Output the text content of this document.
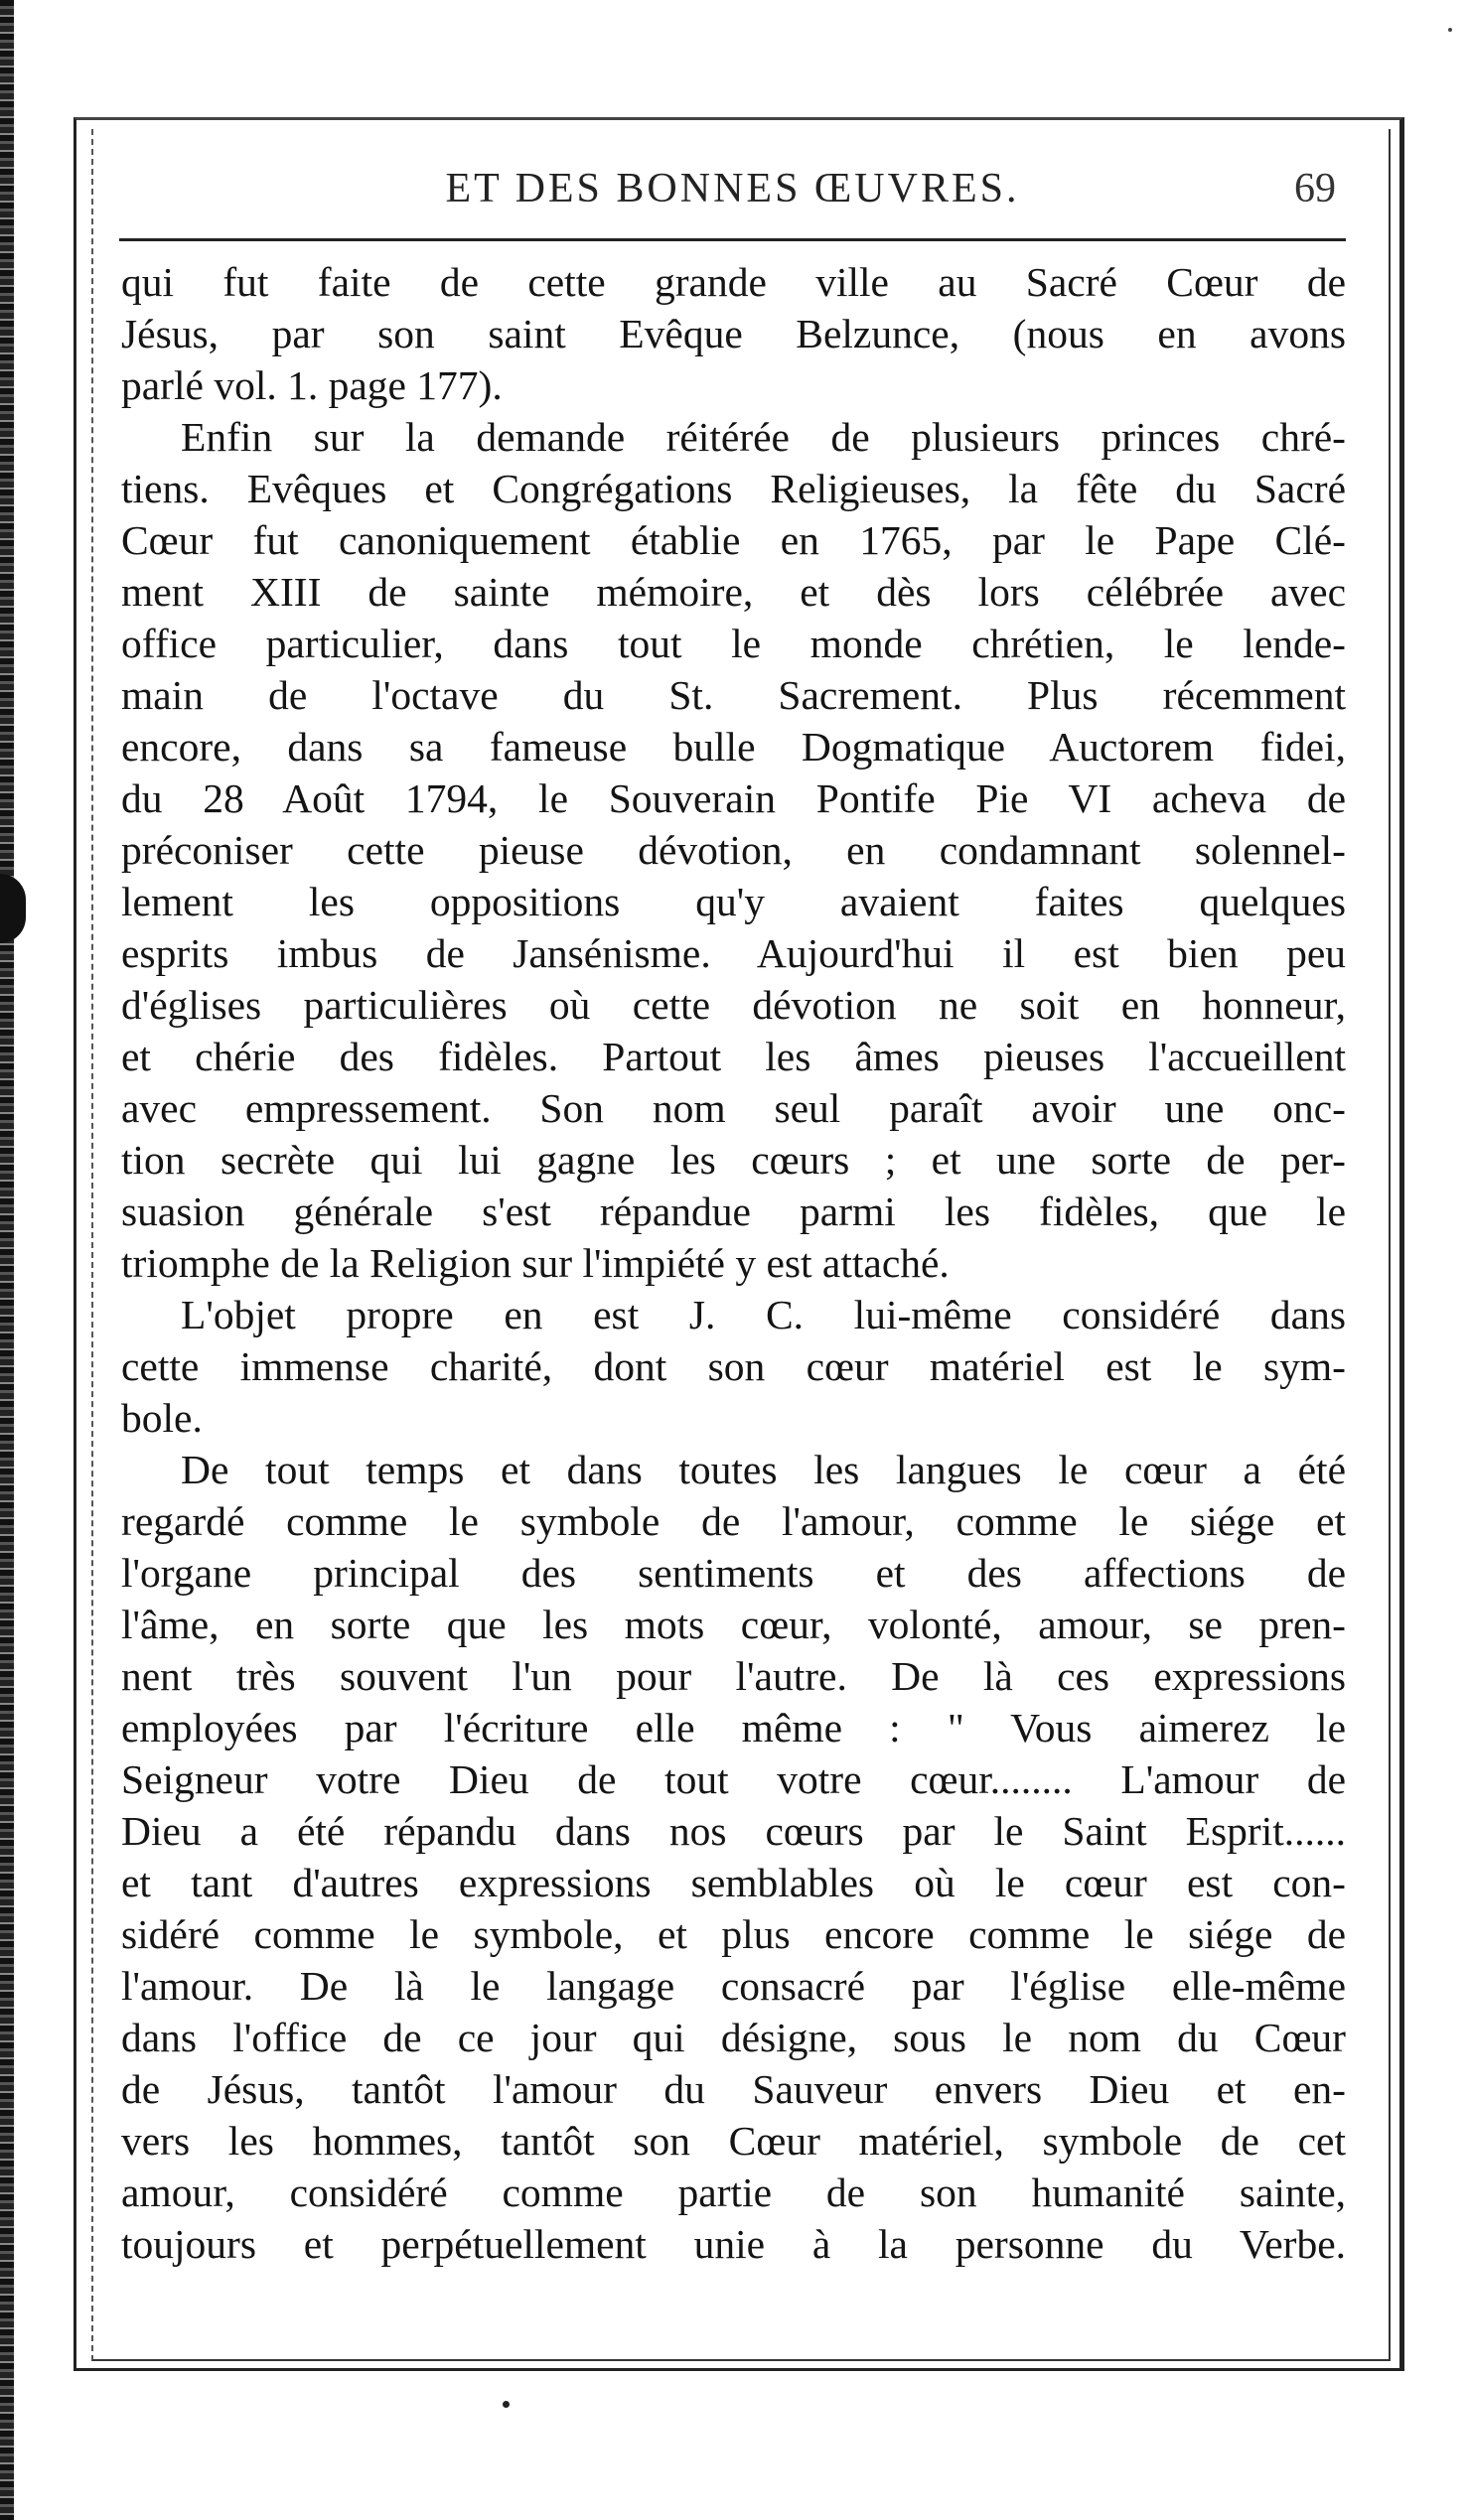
ET DES BONNES ŒUVRES.	69
qui fut faite de cette grande ville au Sacré Cœur de
Jésus, par son saint Evêque Belzunce, (nous en avons
parlé vol. 1. page 177).
Enfin sur la demande réitérée de plusieurs princes chré-
tiens. Evêques et Congrégations Religieuses, la fête du Sacré
Cœur fut canoniquement établie en 1765, par le Pape Clé-
ment XIII de sainte mémoire, et dès lors célébrée avec
office particulier, dans tout le monde chrétien, le lende-
main de l'octave du St. Sacrement. Plus récemment
encore, dans sa fameuse bulle Dogmatique Auctorem fidei,
du 28 Août 1794, le Souverain Pontife Pie VI acheva de
préconiser cette pieuse dévotion, en condamnant solennel-
lement les oppositions qu'y avaient faites quelques
esprits imbus de Jansénisme. Aujourd'hui il est bien peu
d'églises particulières où cette dévotion ne soit en honneur,
et chérie des fidèles. Partout les âmes pieuses l'accueillent
avec empressement. Son nom seul paraît avoir une onc-
tion secrète qui lui gagne les cœurs ; et une sorte de per-
suasion générale s'est répandue parmi les fidèles, que le
triomphe de la Religion sur l'impiété y est attaché.
L'objet propre en est J. C. lui-même considéré dans
cette immense charité, dont son cœur matériel est le sym-
bole.
De tout temps et dans toutes les langues le cœur a été
regardé comme le symbole de l'amour, comme le siége et
l'organe principal des sentiments et des affections de
l'âme, en sorte que les mots cœur, volonté, amour, se pren-
nent très souvent l'un pour l'autre. De là ces expressions
employées par l'écriture elle même : " Vous aimerez le
Seigneur votre Dieu de tout votre cœur........ L'amour de
Dieu a été répandu dans nos cœurs par le Saint Esprit......
et tant d'autres expressions semblables où le cœur est con-
sidéré comme le symbole, et plus encore comme le siége de
l'amour. De là le langage consacré par l'église elle-même
dans l'office de ce jour qui désigne, sous le nom du Cœur
de Jésus, tantôt l'amour du Sauveur envers Dieu et en-
vers les hommes, tantôt son Cœur matériel, symbole de cet
amour, considéré comme partie de son humanité sainte,
toujours et perpétuellement unie à la personne du Verbe.
